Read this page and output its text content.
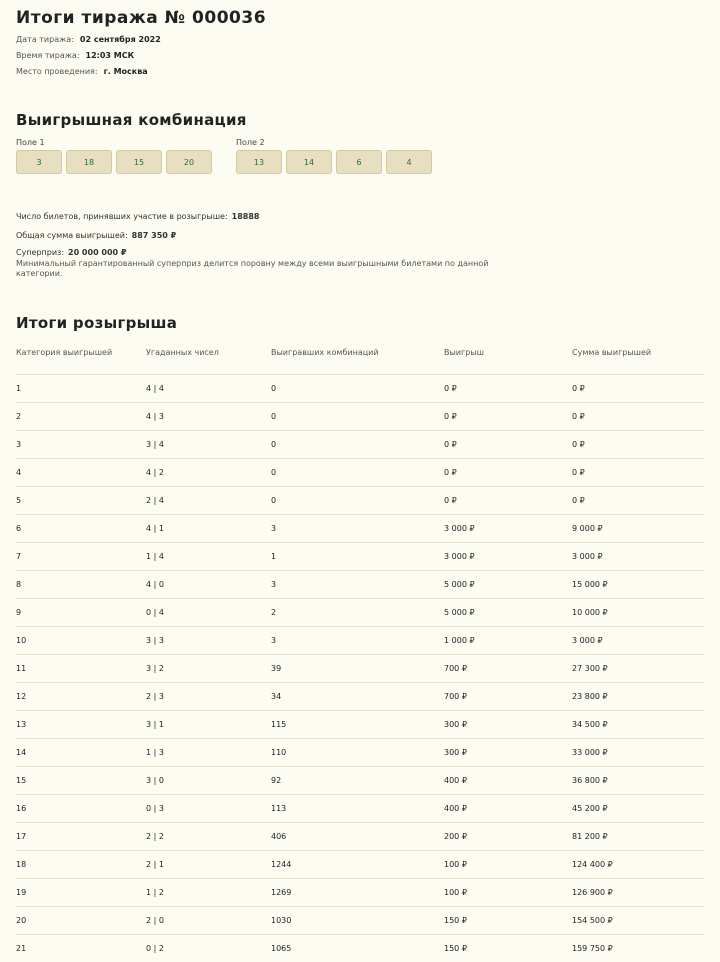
Итоги тиража № 000036
Дата тиража: 02 сентября 2022
Время тиража: 12:03 МСК
Место проведения: г. Москва
Выигрышная комбинация
Поле 1
3	18	15	20
Поле 2
13	14	6	4
Число билетов, принявших участие в розыгрыше: 18888
Общая сумма выигрышей: 887 350 ₽
Суперприз: 20 000 000 ₽
Минимальный гарантированный суперприз делится поровну между всеми выигрышными билетами по данной категории.
Итоги розыгрыша
Категория выигрышей	Угаданных чисел	Выигравших комбинаций	Выигрыш	Сумма выигрышей
1	4 | 4	0	0 ₽	0 ₽
2	4 | 3	0	0 ₽	0 ₽
3	3 | 4	0	0 ₽	0 ₽
4	4 | 2	0	0 ₽	0 ₽
5	2 | 4	0	0 ₽	0 ₽
6	4 | 1	3	3 000 ₽	9 000 ₽
7	1 | 4	1	3 000 ₽	3 000 ₽
8	4 | 0	3	5 000 ₽	15 000 ₽
9	0 | 4	2	5 000 ₽	10 000 ₽
10	3 | 3	3	1 000 ₽	3 000 ₽
11	3 | 2	39	700 ₽	27 300 ₽
12	2 | 3	34	700 ₽	23 800 ₽
13	3 | 1	115	300 ₽	34 500 ₽
14	1 | 3	110	300 ₽	33 000 ₽
15	3 | 0	92	400 ₽	36 800 ₽
16	0 | 3	113	400 ₽	45 200 ₽
17	2 | 2	406	200 ₽	81 200 ₽
18	2 | 1	1244	100 ₽	124 400 ₽
19	1 | 2	1269	100 ₽	126 900 ₽
20	2 | 0	1030	150 ₽	154 500 ₽
21	0 | 2	1065	150 ₽	159 750 ₽
